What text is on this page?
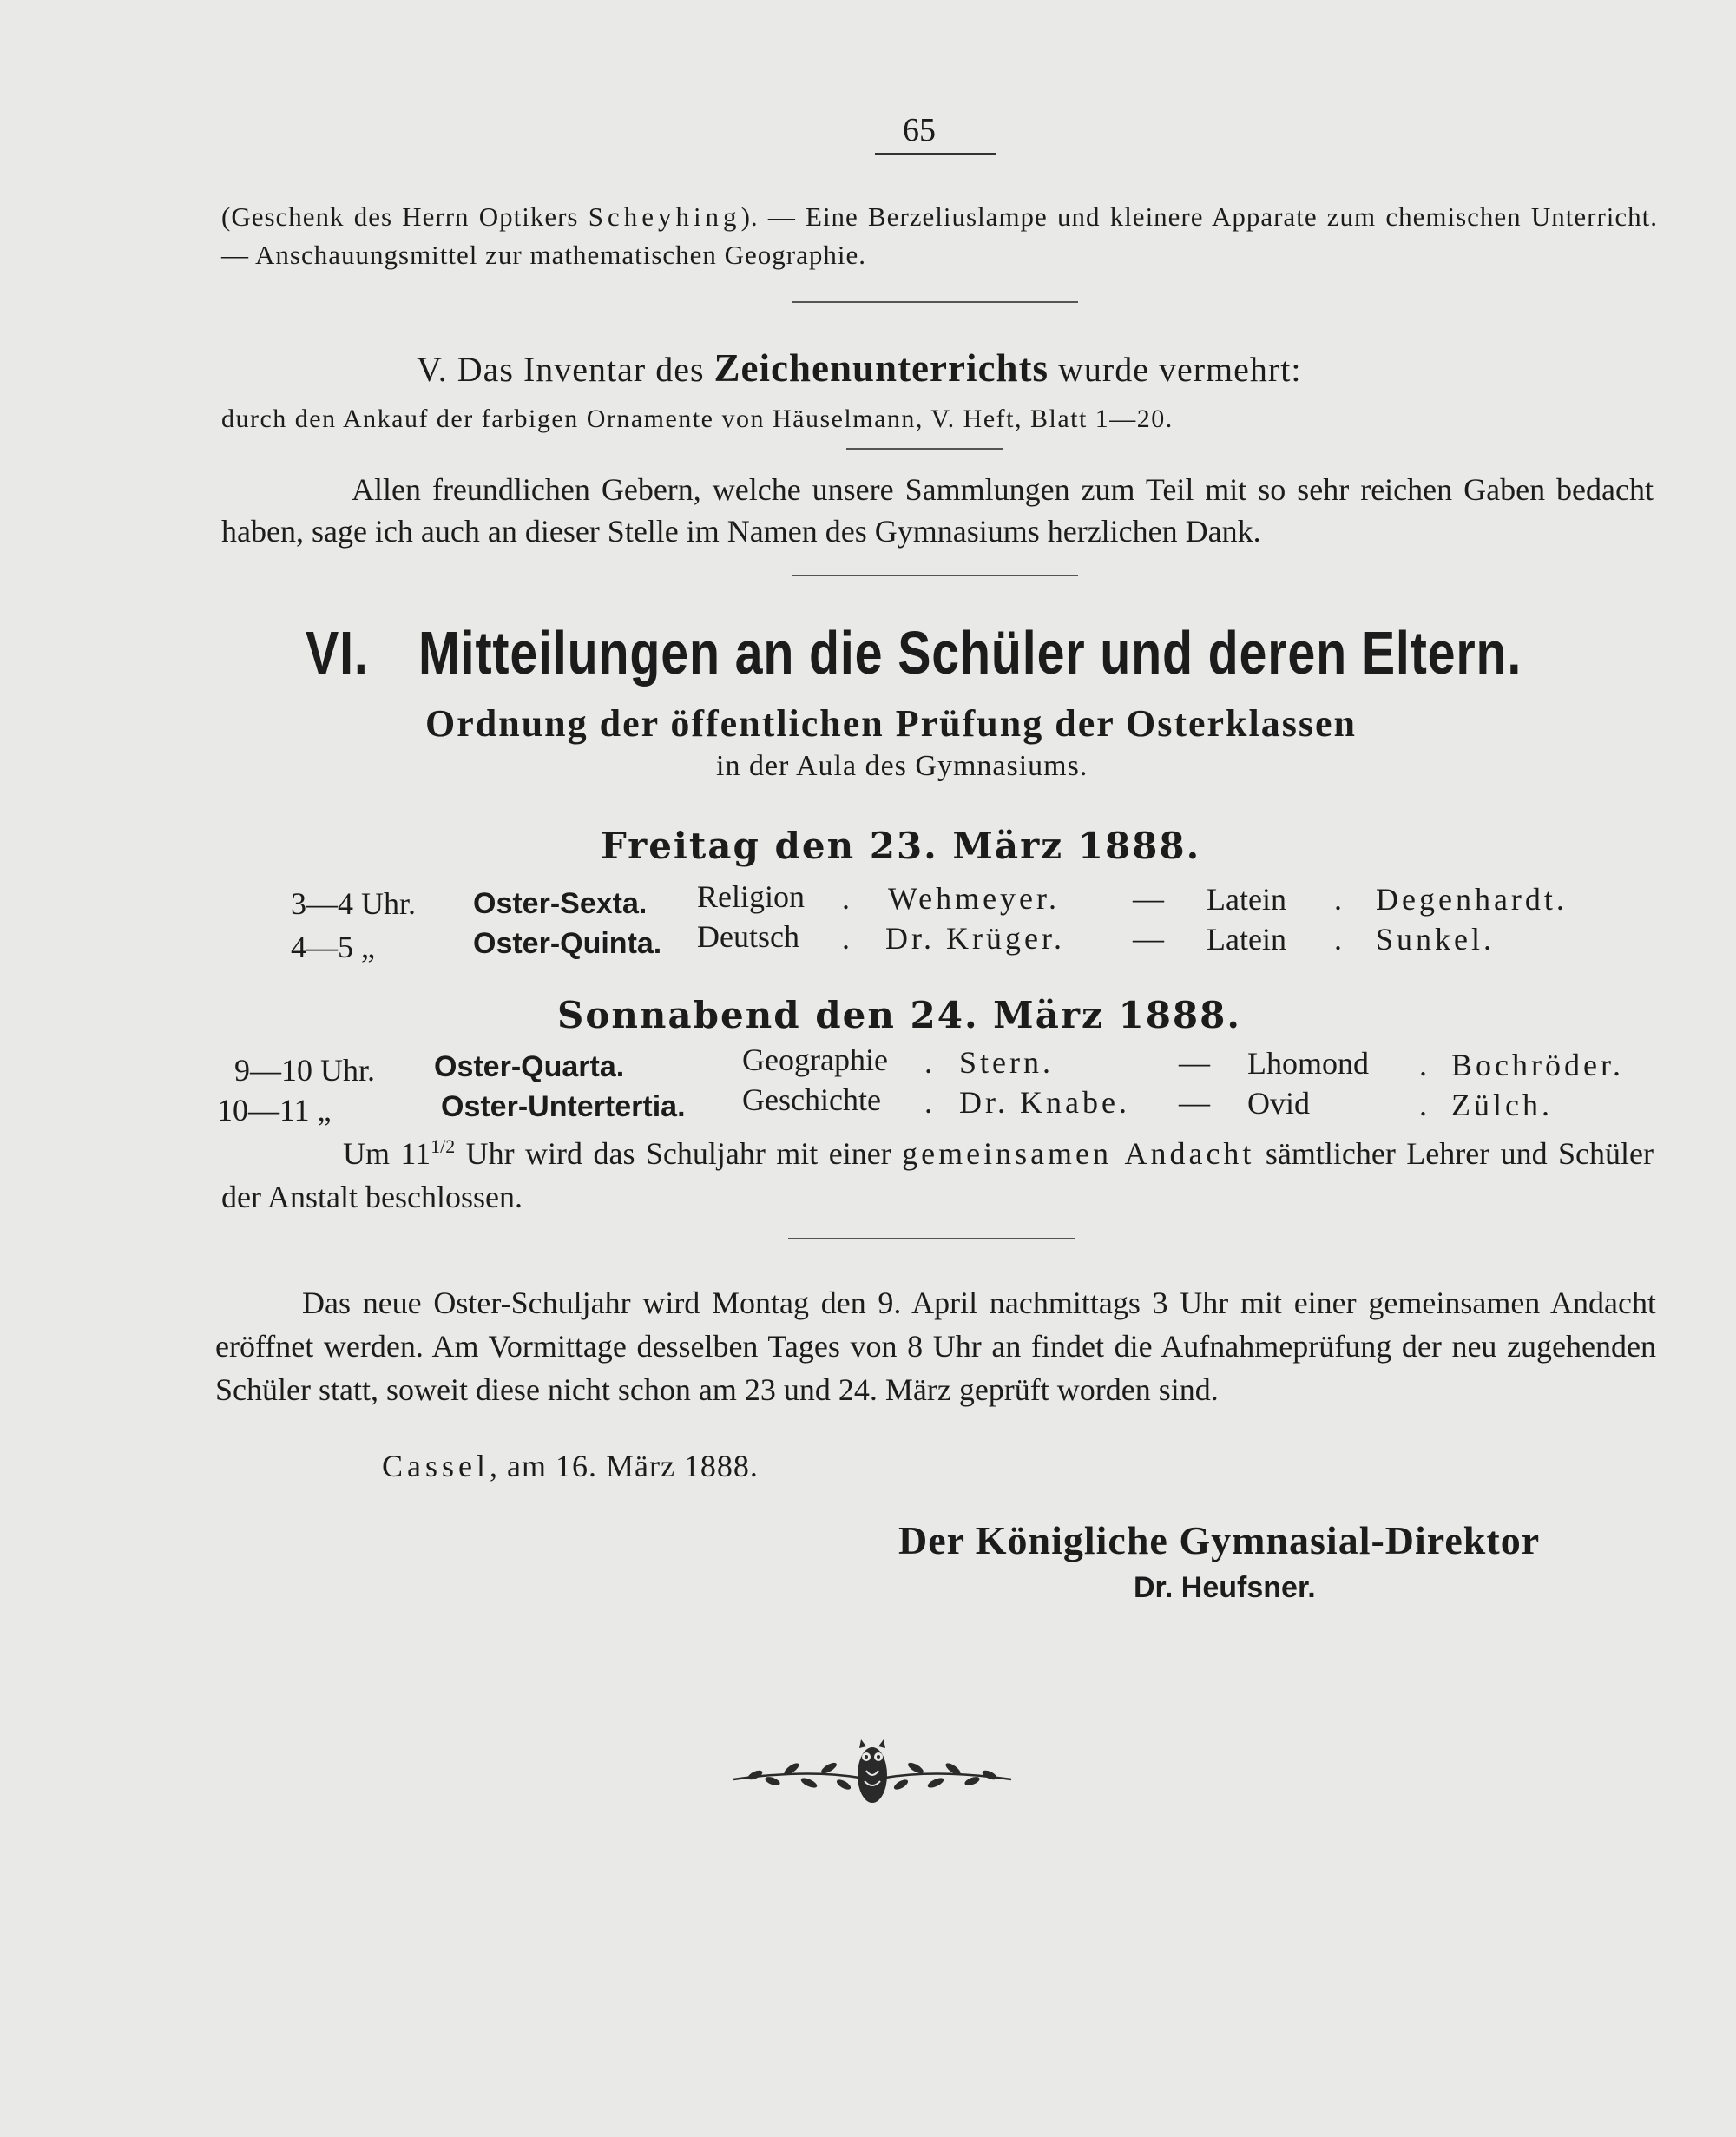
65
(Geschenk des Herrn Optikers Scheyhing). — Eine Berzeliuslampe und kleinere Apparate zum chemischen Unterricht. — Anschauungsmittel zur mathematischen Geographie.
V. Das Inventar des Zeichenunterrichts wurde vermehrt:
durch den Ankauf der farbigen Ornamente von Häuselmann, V. Heft, Blatt 1—20.
Allen freundlichen Gebern, welche unsere Sammlungen zum Teil mit so sehr reichen Gaben bedacht haben, sage ich auch an dieser Stelle im Namen des Gymnasiums herzlichen Dank.
VI. Mitteilungen an die Schüler und deren Eltern.
Ordnung der öffentlichen Prüfung der Osterklassen
in der Aula des Gymnasiums.
Freitag den 23. März 1888.
3—4 Uhr. Oster-Sexta. Religion . Wehmeyer. — Latein . Degenhardt.
4—5 „	Oster-Quinta. Deutsch . Dr. Krüger. — Latein . Sunkel.
Sonnabend den 24. März 1888.
9—10 Uhr. Oster-Quarta.	Geographie . Stern.	— Lhomond . Bochröder.
10—11 „	Oster-Untertertia. Geschichte . Dr. Knabe. — Ovid	. Zülch.
Um $11^{1/2}$ Uhr wird das Schuljahr mit einer gemeinsamen Andacht sämtlicher Lehrer und Schüler der Anstalt beschlossen.
Das neue Oster-Schuljahr wird Montag den 9. April nachmittags 3 Uhr mit einer gemeinsamen Andacht eröffnet werden. Am Vormittage desselben Tages von 8 Uhr an findet die Aufnahmeprüfung der neu zugehenden Schüler statt, soweit diese nicht schon am 23 und 24. März geprüft worden sind.
Cassel, am 16. März 1888.
Der Königliche Gymnasial-Direktor
Dr. Heufsner.
